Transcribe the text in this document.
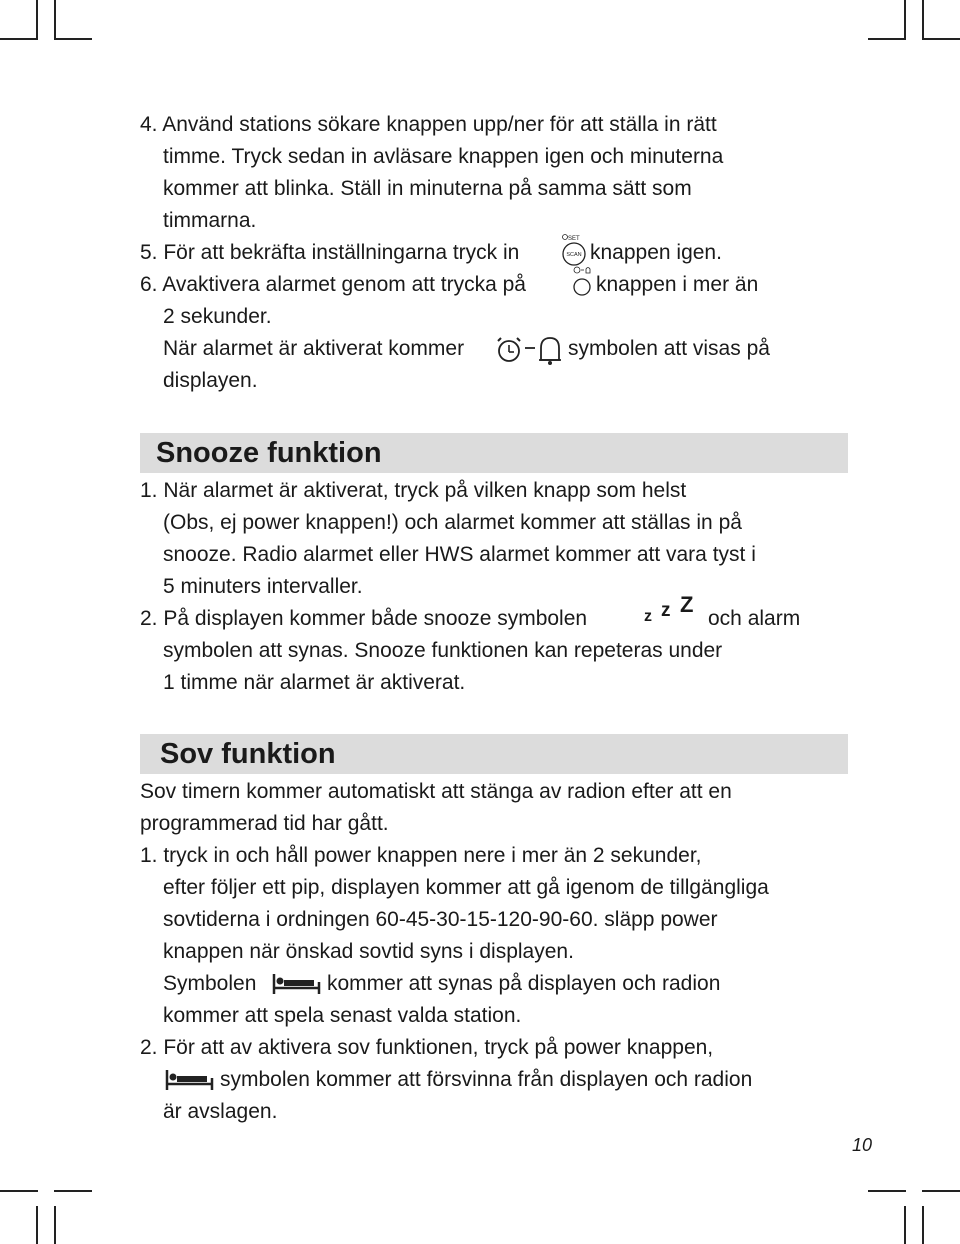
4. Använd stations sökare knappen upp/ner för att ställa in rätt
timme. Tryck sedan in avläsare knappen igen och minuterna
kommer att blinka. Ställ in minuterna på samma sätt som
timmarna.
5. För att bekräfta inställningarna tryck in
SET
SCAN knappen igen.
6. Avaktivera alarmet genom att trycka på	knappen i mer än
2 sekunder.
När alarmet är aktiverat kommer	symbolen att visas på
displayen.
Snooze funktion
1. När alarmet är aktiverat, tryck på vilken knapp som helst
(Obs, ej power knappen!) och alarmet kommer att ställas in på
snooze. Radio alarmet eller HWS alarmet kommer att vara tyst i
5 minuters intervaller.
2. På displayen kommer både snooze symbolen	z z Z
och alarm
symbolen att synas. Snooze funktionen kan repeteras under
1 timme när alarmet är aktiverat.
Sov funktion
Sov timern kommer automatiskt att stänga av radion efter att en
programmerad tid har gått.
1. tryck in och håll power knappen nere i mer än 2 sekunder,
efter följer ett pip, displayen kommer att gå igenom de tillgängliga
sovtiderna i ordningen 60-45-30-15-120-90-60. släpp power
knappen när önskad sovtid syns i displayen.
Symbolen	kommer att synas på displayen och radion
kommer att spela senast valda station.
2. För att av aktivera sov funktionen, tryck på power knappen,
symbolen kommer att försvinna från displayen och radion
är avslagen.
10
